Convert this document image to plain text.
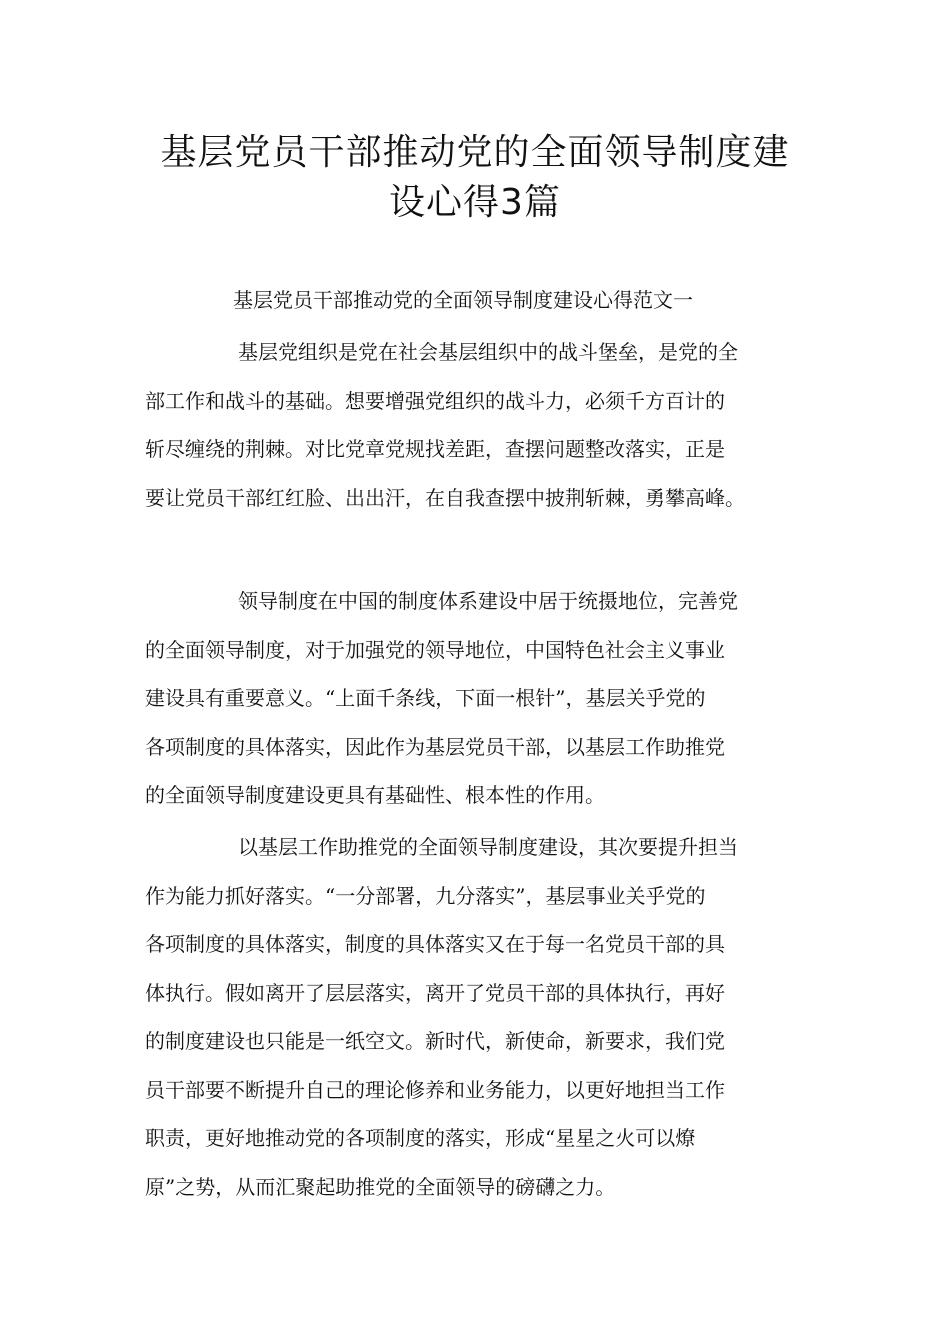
基层党员干部推动党的全面领导制度建
设心得3篇

基层党员干部推动党的全面领导制度建设心得范文一

基层党组织是党在社会基层组织中的战斗堡垒，是党的全
部工作和战斗的基础。想要增强党组织的战斗力，必须千方百计的
斩尽缠绕的荆棘。对比党章党规找差距，查摆问题整改落实，正是
要让党员干部红红脸、出出汗，在自我查摆中披荆斩棘，勇攀高峰。

领导制度在中国的制度体系建设中居于统摄地位，完善党
的全面领导制度，对于加强党的领导地位，中国特色社会主义事业
建设具有重要意义。“上面千条线，下面一根针”，基层关乎党的
各项制度的具体落实，因此作为基层党员干部，以基层工作助推党
的全面领导制度建设更具有基础性、根本性的作用。

以基层工作助推党的全面领导制度建设，其次要提升担当
作为能力抓好落实。“一分部署，九分落实”，基层事业关乎党的
各项制度的具体落实，制度的具体落实又在于每一名党员干部的具
体执行。假如离开了层层落实，离开了党员干部的具体执行，再好
的制度建设也只能是一纸空文。新时代，新使命，新要求，我们党
员干部要不断提升自己的理论修养和业务能力，以更好地担当工作
职责，更好地推动党的各项制度的落实，形成“星星之火可以燎
原”之势，从而汇聚起助推党的全面领导的磅礴之力。
